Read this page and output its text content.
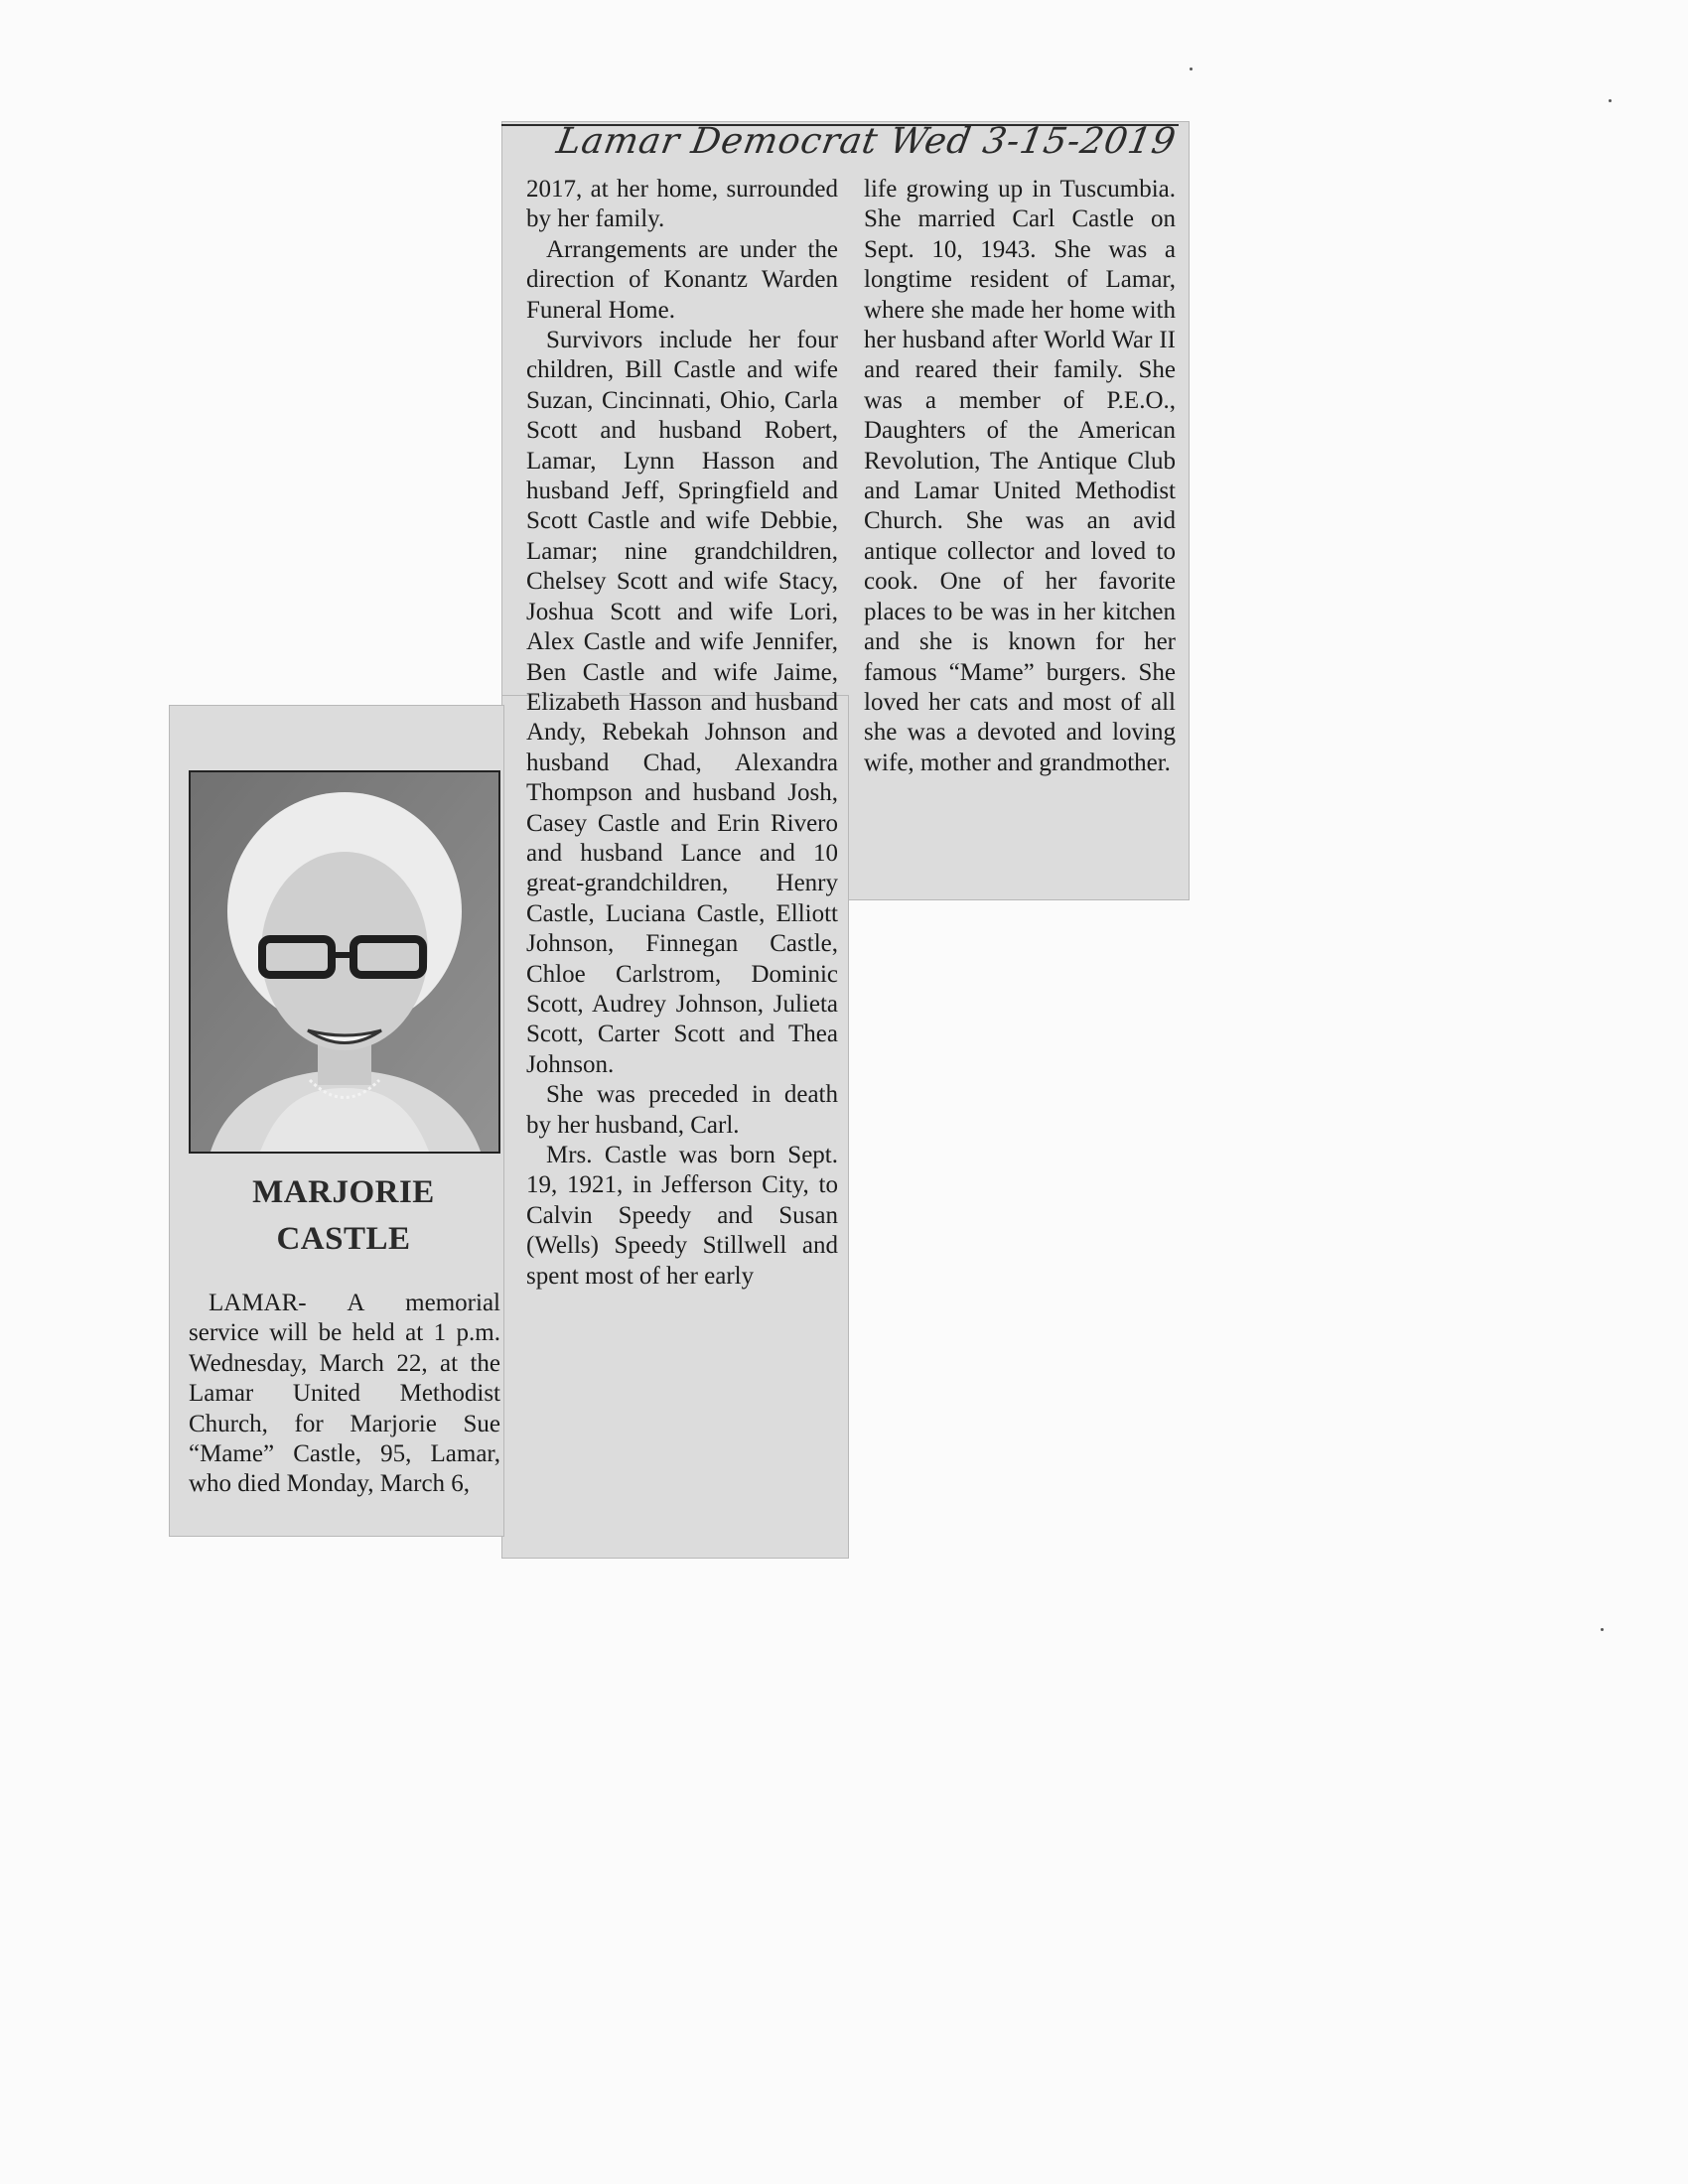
Lamar Democrat Wed 3-15-2019
MARJORIE
CASTLE

LAMAR- A memorial service will be held at 1 p.m. Wednesday, March 22, at the Lamar United Methodist Church, for Marjorie Sue “Mame” Castle, 95, Lamar, who died Monday, March 6,

2017, at her home, surrounded by her family.

Arrangements are under the direction of Konantz Warden Funeral Home.

Survivors include her four children, Bill Castle and wife Suzan, Cincinnati, Ohio, Carla Scott and husband Robert, Lamar, Lynn Hasson and husband Jeff, Springfield and Scott Castle and wife Debbie, Lamar; nine grandchildren, Chelsey Scott and wife Stacy, Joshua Scott and wife Lori, Alex Castle and wife Jennifer, Ben Castle and wife Jaime, Elizabeth Hasson and husband Andy, Rebekah Johnson and husband Chad, Alexandra Thompson and husband Josh, Casey Castle and Erin Rivero and husband Lance and 10 great-grandchildren, Henry Castle, Luciana Castle, Elliott Johnson, Finnegan Castle, Chloe Carlstrom, Dominic Scott, Audrey Johnson, Julieta Scott, Carter Scott and Thea Johnson.

She was preceded in death by her husband, Carl.

Mrs. Castle was born Sept. 19, 1921, in Jefferson City, to Calvin Speedy and Susan (Wells) Speedy Stillwell and spent most of her early

life growing up in Tuscumbia. She married Carl Castle on Sept. 10, 1943. She was a longtime resident of Lamar, where she made her home with her husband after World War II and reared their family. She was a member of P.E.O., Daughters of the American Revolution, The Antique Club and Lamar United Methodist Church. She was an avid antique collector and loved to cook. One of her favorite places to be was in her kitchen and she is known for her famous “Mame” burgers. She loved her cats and most of all she was a devoted and loving wife, mother and grandmother.
